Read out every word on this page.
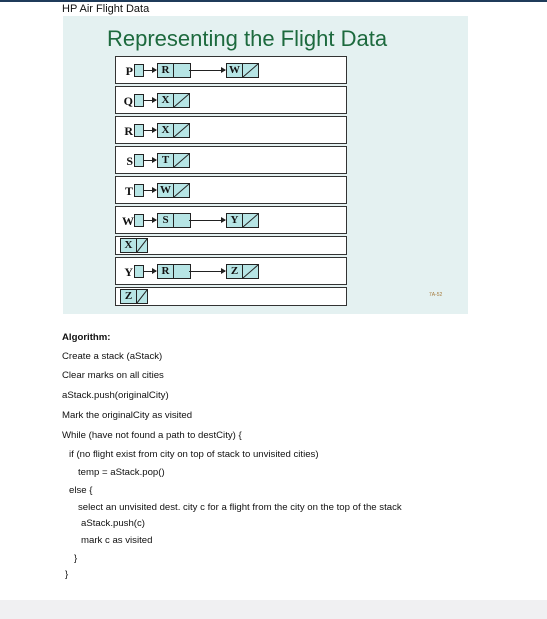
HP Air Flight Data
Representing the Flight Data
P	R	W
Q	X
R	X
S	T
T W
W	S	Y
X
Y	R	Z
Z	7A-52
Algorithm:
Create a stack (aStack)
Clear marks on all cities
aStack.push(originalCity)
Mark the originalCity as visited
While (have not found a path to destCity) {
if (no flight exist from city on top of stack to unvisited cities)
temp = aStack.pop()
else {
select an unvisited dest. city c for a flight from the city on the top of the stack
aStack.push(c)
mark c as visited
}
}
